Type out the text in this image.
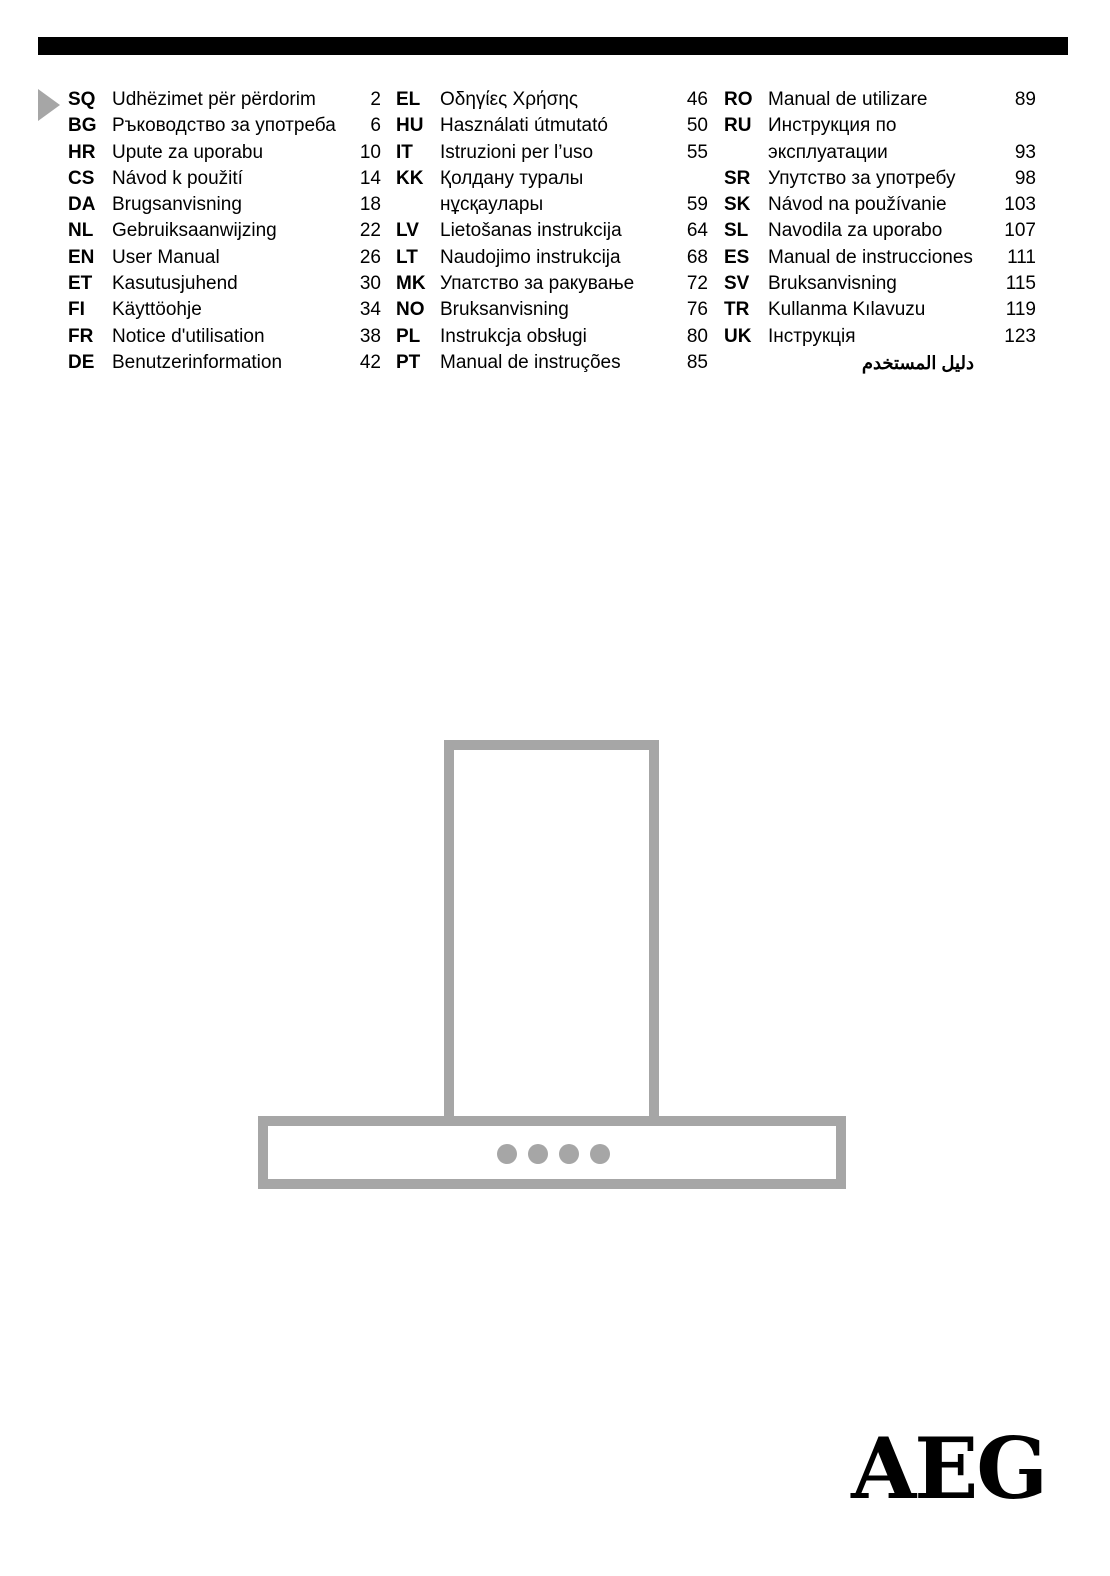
SQ Udhëzimet për përdorim	2
BG Ръководство за употреба 6
HR Upute za uporabu	10
CS Návod k použití	14
DA Brugsanvisning	18
NL Gebruiksaanwijzing	22
EN User Manual	26
ET Kasutusjuhend	30
FI Käyttöohje	34
FR Notice d'utilisation	38
DE Benutzerinformation	42
EL Οδηγίες Χρήσης	46
HU Használati útmutató	50
IT Istruzioni per l’uso	55
KK Қолдану туралы
нұсқаулары	59
LV Lietošanas instrukcija	64
LT Naudojimo instrukcija	68
MK Упатство за ракување	72
NO Bruksanvisning	76
PL Instrukcja obsługi	80
PT Manual de instruções	85
RO Manual de utilizare	89
RU Инструкция по
эксплуатации	93
SR Упутство за употребу	98
SK Návod na používanie	103
SL Navodila za uporabo	107
ES Manual de instrucciones 111
SV Bruksanvisning	115
TR Kullanma Kılavuzu	119
UK Інструкція	123
دليل المستخدم
AEG
